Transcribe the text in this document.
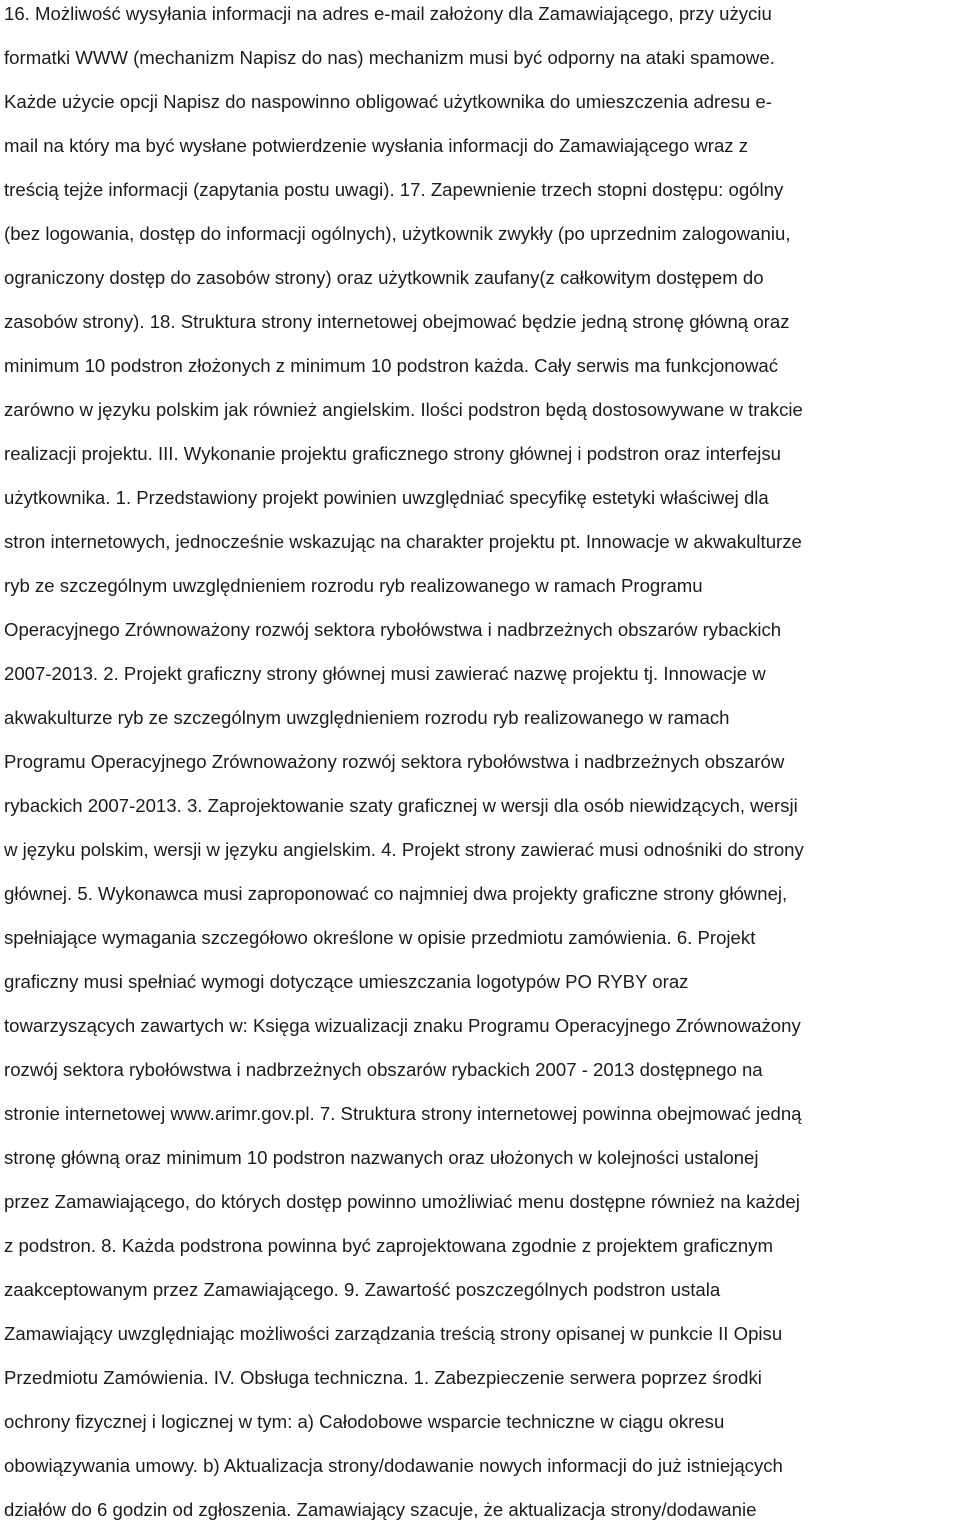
16. Możliwość wysyłania informacji na adres e-mail założony dla Zamawiającego, przy użyciu
formatki WWW (mechanizm Napisz do nas) mechanizm musi być odporny na ataki spamowe.
Każde użycie opcji Napisz do naspowinno obligować użytkownika do umieszczenia adresu e-
mail na który ma być wysłane potwierdzenie wysłania informacji do Zamawiającego wraz z
treścią tejże informacji (zapytania postu uwagi). 17. Zapewnienie trzech stopni dostępu: ogólny
(bez logowania, dostęp do informacji ogólnych), użytkownik zwykły (po uprzednim zalogowaniu,
ograniczony dostęp do zasobów strony) oraz użytkownik zaufany(z całkowitym dostępem do
zasobów strony). 18. Struktura strony internetowej obejmować będzie jedną stronę główną oraz
minimum 10 podstron złożonych z minimum 10 podstron każda. Cały serwis ma funkcjonować
zarówno w języku polskim jak również angielskim. Ilości podstron będą dostosowywane w trakcie
realizacji projektu. III. Wykonanie projektu graficznego strony głównej i podstron oraz interfejsu
użytkownika. 1. Przedstawiony projekt powinien uwzględniać specyfikę estetyki właściwej dla
stron internetowych, jednocześnie wskazując na charakter projektu pt. Innowacje w akwakulturze
ryb ze szczególnym uwzględnieniem rozrodu ryb realizowanego w ramach Programu
Operacyjnego Zrównoważony rozwój sektora rybołówstwa i nadbrzeżnych obszarów rybackich
2007-2013. 2. Projekt graficzny strony głównej musi zawierać nazwę projektu tj. Innowacje w
akwakulturze ryb ze szczególnym uwzględnieniem rozrodu ryb realizowanego w ramach
Programu Operacyjnego Zrównoważony rozwój sektora rybołówstwa i nadbrzeżnych obszarów
rybackich 2007-2013. 3. Zaprojektowanie szaty graficznej w wersji dla osób niewidzących, wersji
w języku polskim, wersji w języku angielskim. 4. Projekt strony zawierać musi odnośniki do strony
głównej. 5. Wykonawca musi zaproponować co najmniej dwa projekty graficzne strony głównej,
spełniające wymagania szczegółowo określone w opisie przedmiotu zamówienia. 6. Projekt
graficzny musi spełniać wymogi dotyczące umieszczania logotypów PO RYBY oraz
towarzyszących zawartych w: Księga wizualizacji znaku Programu Operacyjnego Zrównoważony
rozwój sektora rybołówstwa i nadbrzeżnych obszarów rybackich 2007 - 2013 dostępnego na
stronie internetowej www.arimr.gov.pl. 7. Struktura strony internetowej powinna obejmować jedną
stronę główną oraz minimum 10 podstron nazwanych oraz ułożonych w kolejności ustalonej
przez Zamawiającego, do których dostęp powinno umożliwiać menu dostępne również na każdej
z podstron. 8. Każda podstrona powinna być zaprojektowana zgodnie z projektem graficznym
zaakceptowanym przez Zamawiającego. 9. Zawartość poszczególnych podstron ustala
Zamawiający uwzględniając możliwości zarządzania treścią strony opisanej w punkcie II Opisu
Przedmiotu Zamówienia. IV. Obsługa techniczna. 1. Zabezpieczenie serwera poprzez środki
ochrony fizycznej i logicznej w tym: a) Całodobowe wsparcie techniczne w ciągu okresu
obowiązywania umowy. b) Aktualizacja strony/dodawanie nowych informacji do już istniejących
działów do 6 godzin od zgłoszenia. Zamawiający szacuje, że aktualizacja strony/dodawanie
